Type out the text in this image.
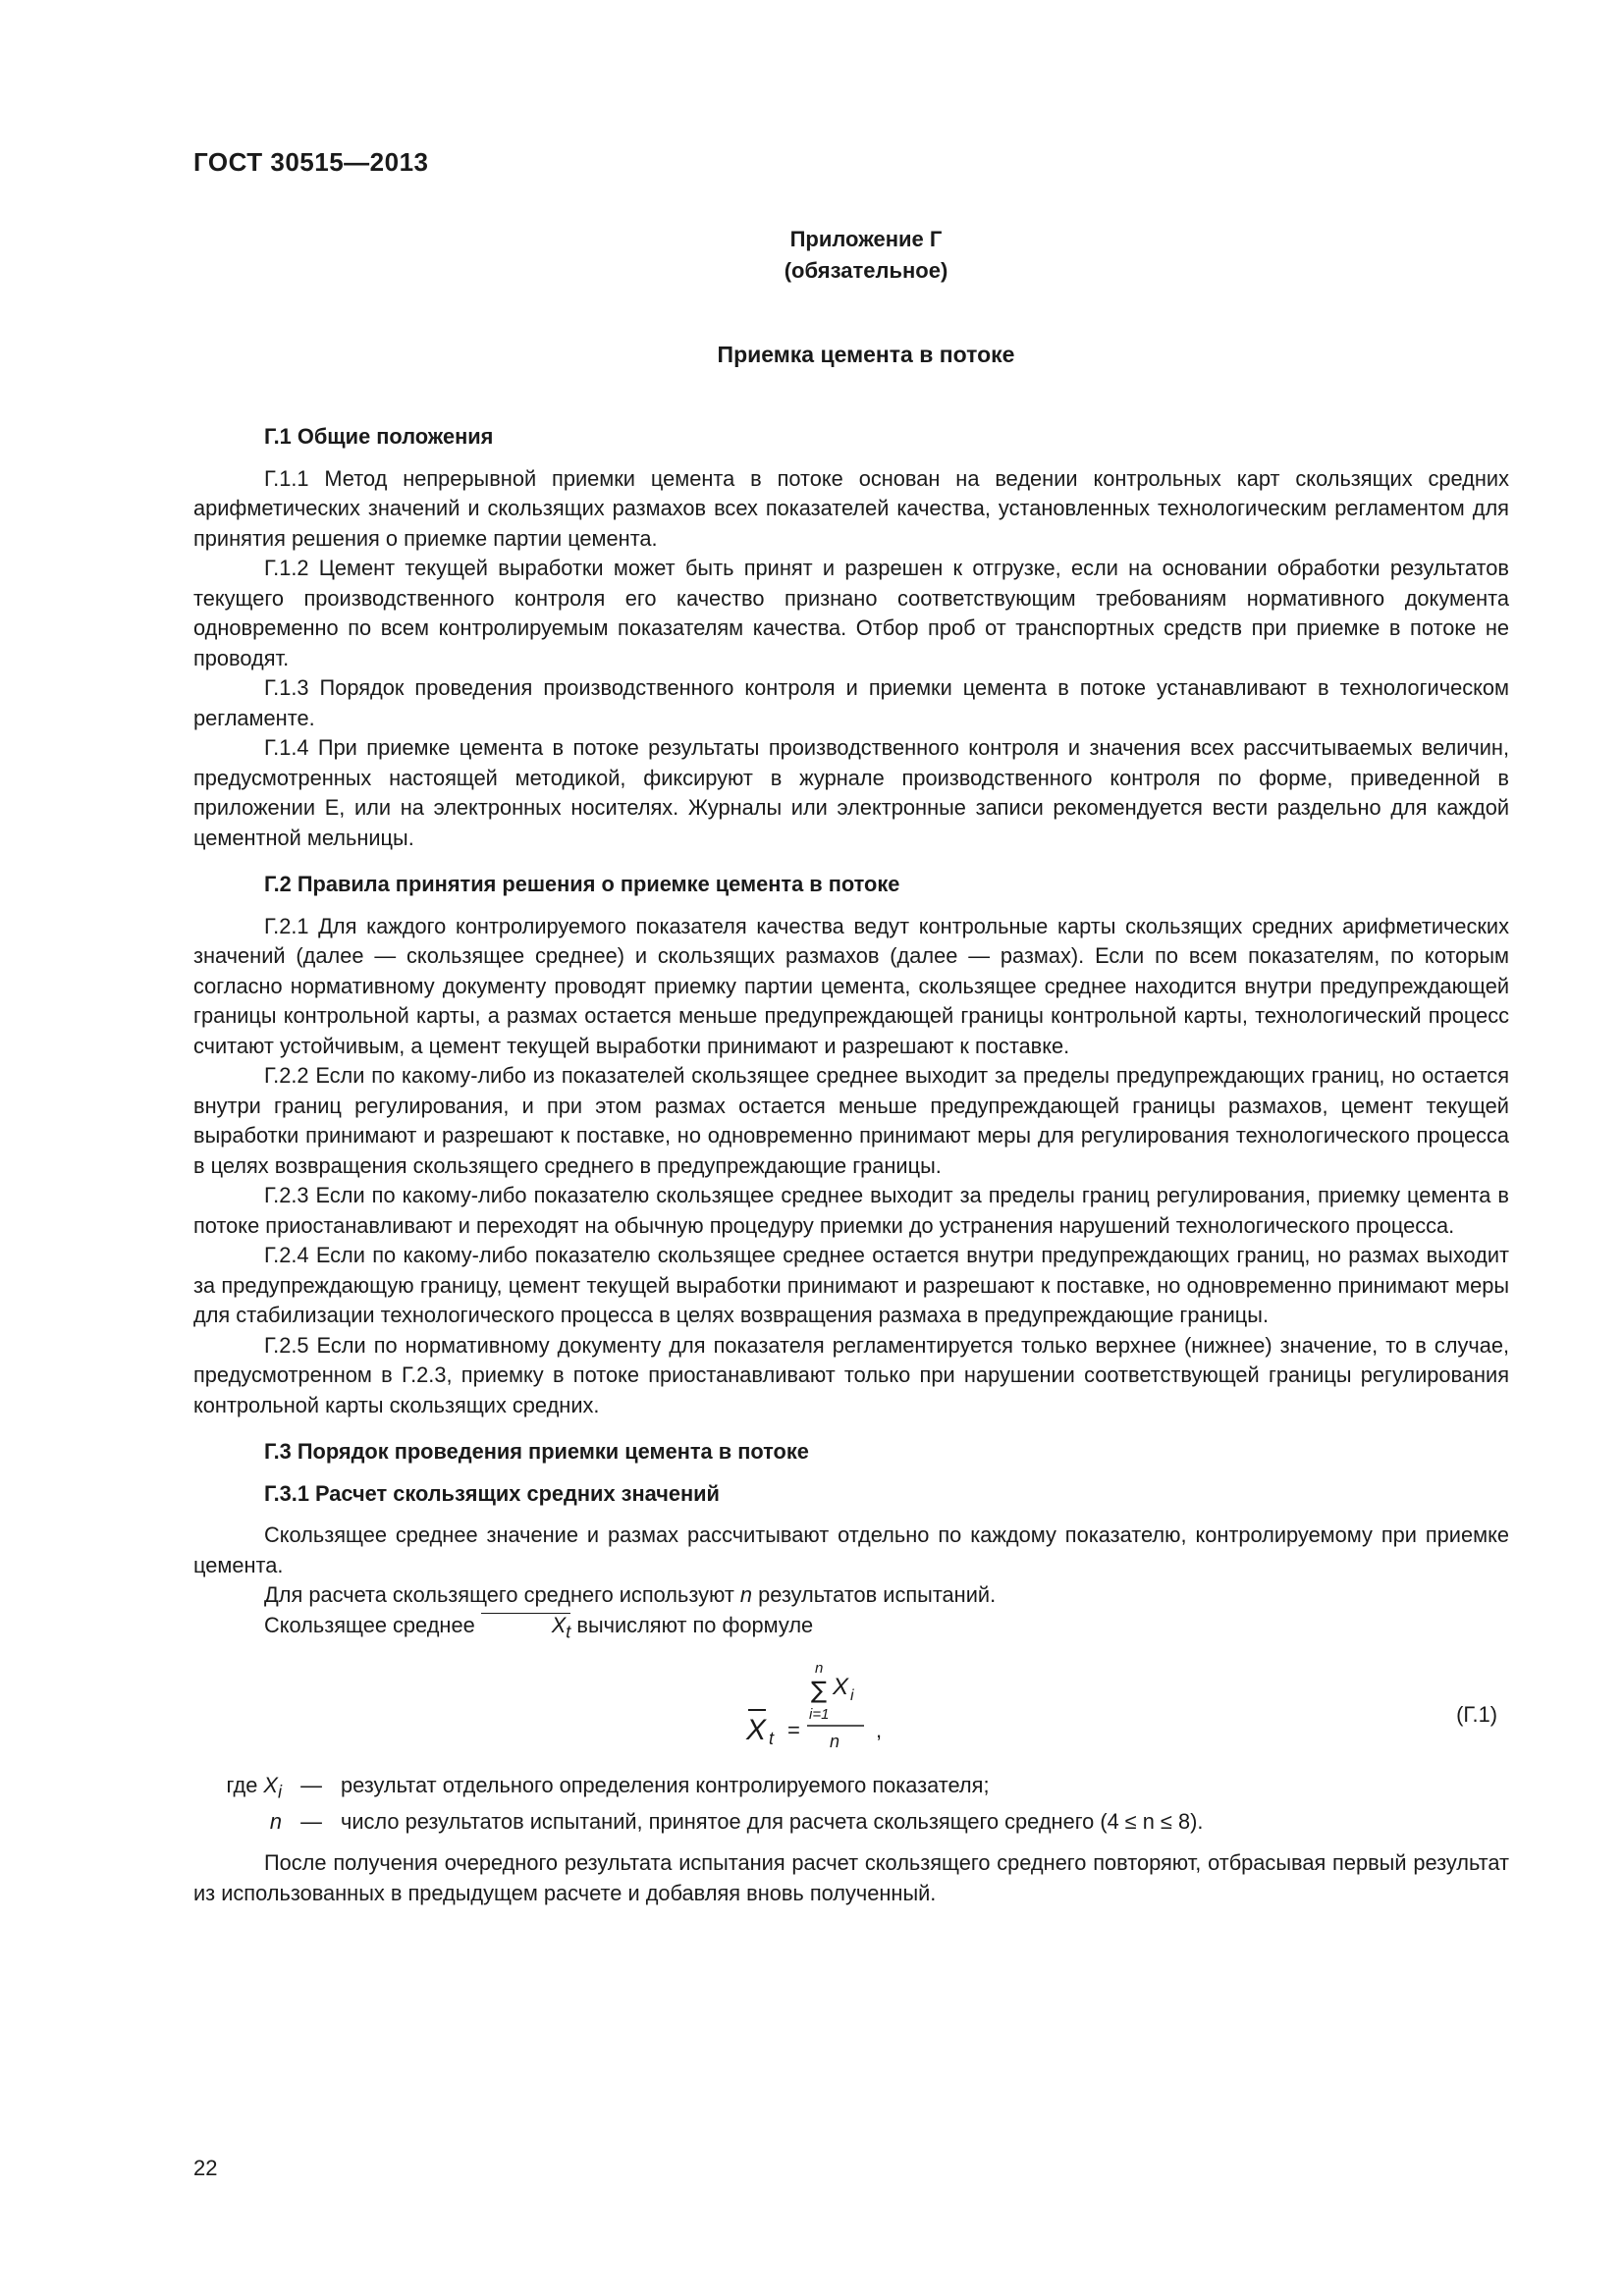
ГОСТ 30515—2013
Приложение Г
(обязательное)
Приемка цемента в потоке
Г.1 Общие положения

Г.1.1 Метод непрерывной приемки цемента в потоке основан на ведении контрольных карт скользящих средних арифметических значений и скользящих размахов всех показателей качества, установленных технологическим регламентом для принятия решения о приемке партии цемента.

Г.1.2 Цемент текущей выработки может быть принят и разрешен к отгрузке, если на основании обработки результатов текущего производственного контроля его качество признано соответствующим требованиям нормативного документа одновременно по всем контролируемым показателям качества. Отбор проб от транспортных средств при приемке в потоке не проводят.

Г.1.3 Порядок проведения производственного контроля и приемки цемента в потоке устанавливают в технологическом регламенте.

Г.1.4 При приемке цемента в потоке результаты производственного контроля и значения всех рассчитываемых величин, предусмотренных настоящей методикой, фиксируют в журнале производственного контроля по форме, приведенной в приложении Е, или на электронных носителях. Журналы или электронные записи рекомендуется вести раздельно для каждой цементной мельницы.

Г.2 Правила принятия решения о приемке цемента в потоке

Г.2.1 Для каждого контролируемого показателя качества ведут контрольные карты скользящих средних арифметических значений (далее — скользящее среднее) и скользящих размахов (далее — размах). Если по всем показателям, по которым согласно нормативному документу проводят приемку партии цемента, скользящее среднее находится внутри предупреждающей границы контрольной карты, а размах остается меньше предупреждающей границы контрольной карты, технологический процесс считают устойчивым, а цемент текущей выработки принимают и разрешают к поставке.

Г.2.2 Если по какому-либо из показателей скользящее среднее выходит за пределы предупреждающих границ, но остается внутри границ регулирования, и при этом размах остается меньше предупреждающей границы размахов, цемент текущей выработки принимают и разрешают к поставке, но одновременно принимают меры для регулирования технологического процесса в целях возвращения скользящего среднего в предупреждающие границы.

Г.2.3 Если по какому-либо показателю скользящее среднее выходит за пределы границ регулирования, приемку цемента в потоке приостанавливают и переходят на обычную процедуру приемки до устранения нарушений технологического процесса.

Г.2.4 Если по какому-либо показателю скользящее среднее остается внутри предупреждающих границ, но размах выходит за предупреждающую границу, цемент текущей выработки принимают и разрешают к поставке, но одновременно принимают меры для стабилизации технологического процесса в целях возвращения размаха в предупреждающие границы.

Г.2.5 Если по нормативному документу для показателя регламентируется только верхнее (нижнее) значение, то в случае, предусмотренном в Г.2.3, приемку в потоке приостанавливают только при нарушении соответствующей границы регулирования контрольной карты скользящих средних.

Г.3 Порядок проведения приемки цемента в потоке
Г.3.1 Расчет скользящих средних значений

Скользящее среднее значение и размах рассчитывают отдельно по каждому показателю, контролируемому при приемке цемента.

Для расчета скользящего среднего используют n результатов испытаний.

Скользящее среднее	$X_t$ вычисляют по формуле

X t =
n
∑ X i
i=1
n ,
(Г.1)
где $X_i$ — результат отдельного определения контролируемого показателя;
n — число результатов испытаний, принятое для расчета скользящего среднего (4 ≤ n ≤ 8).

После получения очередного результата испытания расчет скользящего среднего повторяют, отбрасывая первый результат из использованных в предыдущем расчете и добавляя вновь полученный.

22
